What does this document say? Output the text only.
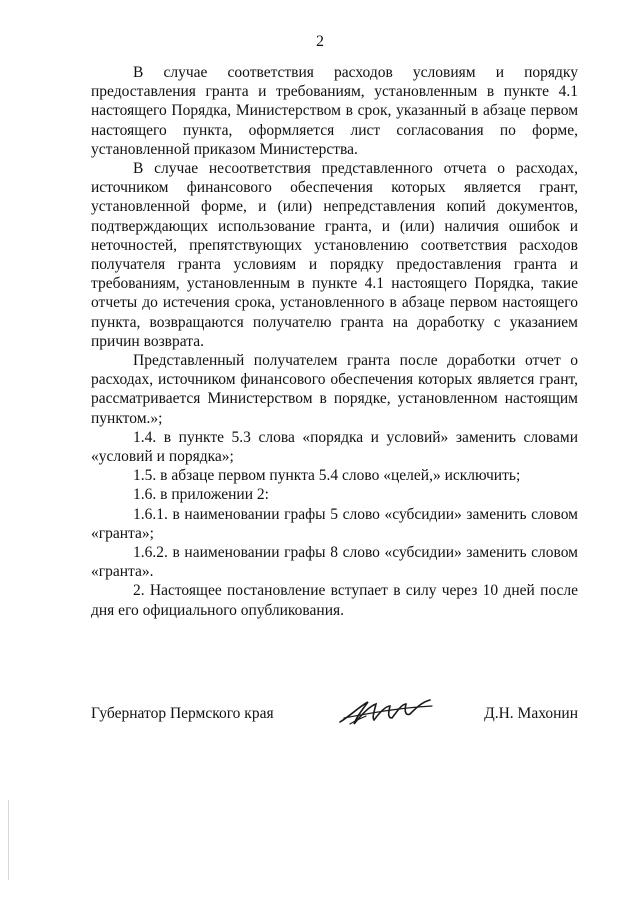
2

В случае соответствия расходов условиям и порядку предоставления гранта и требованиям, установленным в пункте 4.1 настоящего Порядка, Министерством в срок, указанный в абзаце первом настоящего пункта, оформляется лист согласования по форме, установленной приказом Министерства.

В случае несоответствия представленного отчета о расходах, источником финансового обеспечения которых является грант, установленной форме, и (или) непредставления копий документов, подтверждающих использование гранта, и (или) наличия ошибок и неточностей, препятствующих установлению соответствия расходов получателя гранта условиям и порядку предоставления гранта и требованиям, установленным в пункте 4.1 настоящего Порядка, такие отчеты до истечения срока, установленного в абзаце первом настоящего пункта, возвращаются получателю гранта на доработку с указанием причин возврата.

Представленный получателем гранта после доработки отчет о расходах, источником финансового обеспечения которых является грант, рассматривается Министерством в порядке, установленном настоящим пунктом.»;

1.4. в пункте 5.3 слова «порядка и условий» заменить словами «условий и порядка»;

1.5. в абзаце первом пункта 5.4 слово «целей,» исключить;

1.6. в приложении 2:

1.6.1. в наименовании графы 5 слово «субсидии» заменить словом «гранта»;

1.6.2. в наименовании графы 8 слово «субсидии» заменить словом «гранта».

2. Настоящее постановление вступает в силу через 10 дней после дня его официального опубликования.

Губернатор Пермского края	Д.Н. Махонин
